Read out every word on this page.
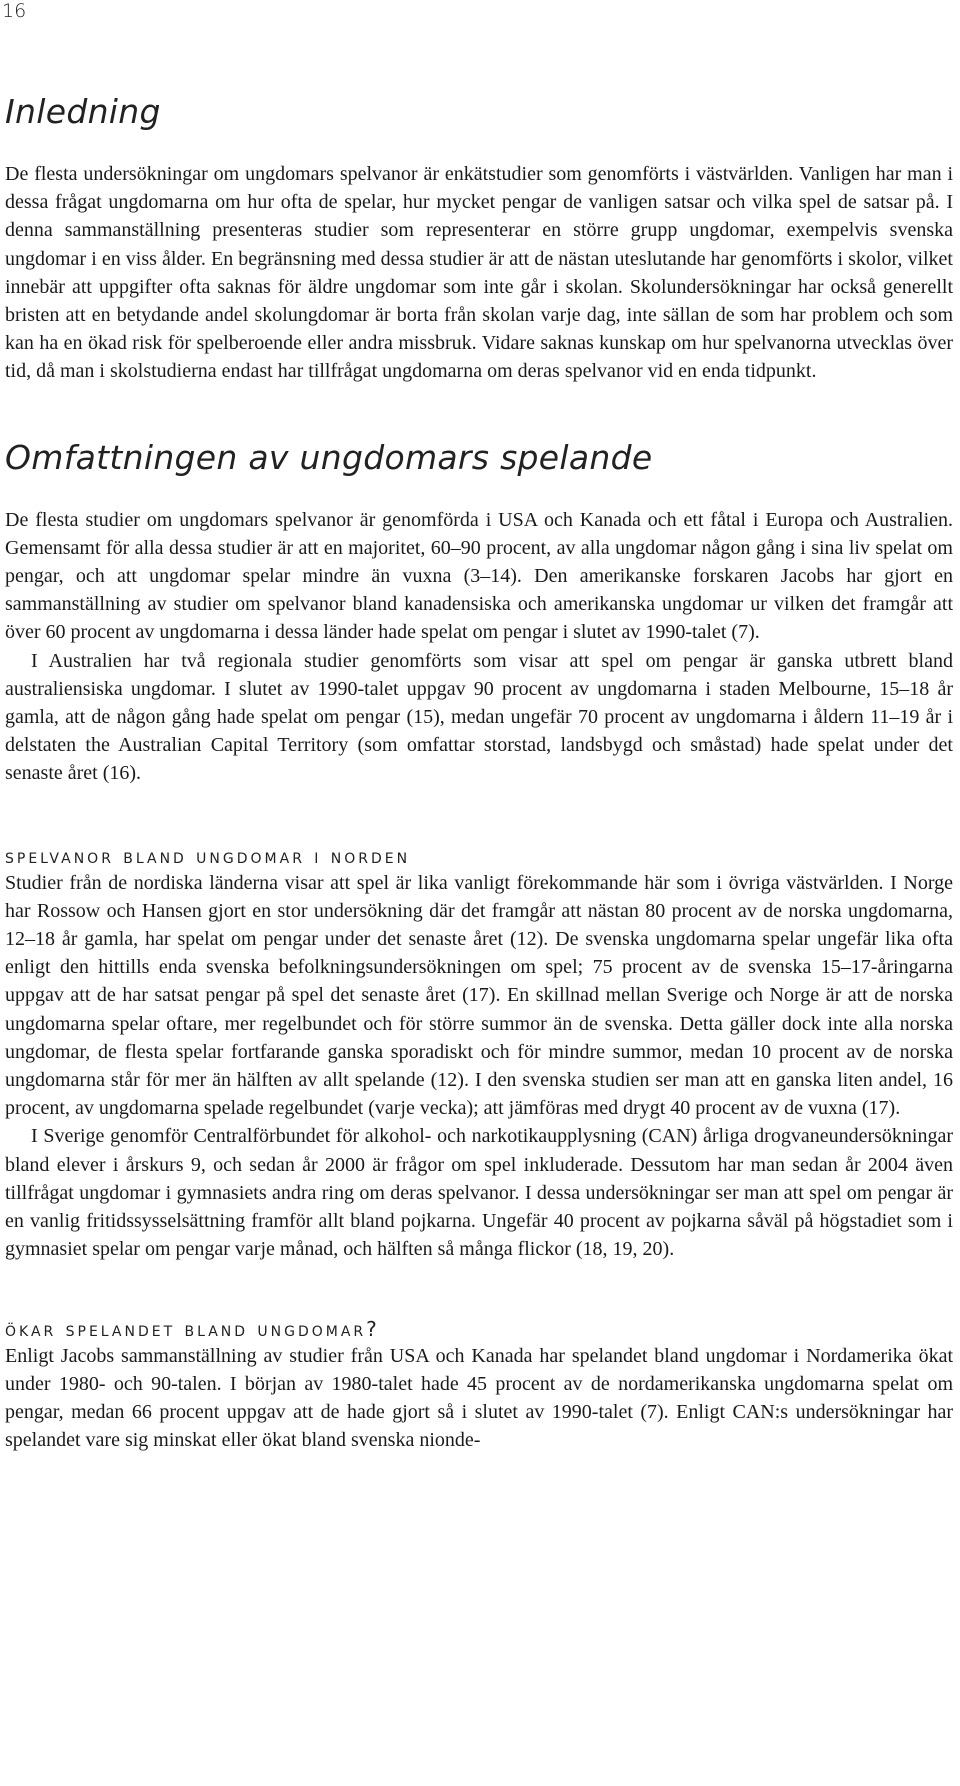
16
Inledning

De flesta undersökningar om ungdomars spelvanor är enkätstudier som genomförts i västvärlden. Vanligen har man i dessa frågat ungdomarna om hur ofta de spelar, hur mycket pengar de vanligen satsar och vilka spel de satsar på. I denna sammanställning presenteras studier som representerar en större grupp ungdomar, exempelvis svenska ungdomar i en viss ålder. En begränsning med dessa studier är att de nästan uteslutande har genomförts i skolor, vilket innebär att uppgifter ofta saknas för äldre ungdomar som inte går i skolan. Skolundersökningar har också generellt bristen att en betydande andel skolungdomar är borta från skolan varje dag, inte sällan de som har problem och som kan ha en ökad risk för spelberoende eller andra missbruk. Vidare saknas kunskap om hur spelvanorna utvecklas över tid, då man i skolstudierna endast har tillfrågat ungdomarna om deras spelvanor vid en enda tidpunkt.

Omfattningen av ungdomars spelande

De flesta studier om ungdomars spelvanor är genomförda i USA och Kanada och ett fåtal i Europa och Australien. Gemensamt för alla dessa studier är att en majoritet, 60–90 procent, av alla ungdomar någon gång i sina liv spelat om pengar, och att ungdomar spelar mindre än vuxna (3–14). Den amerikanske forskaren Jacobs har gjort en sammanställning av studier om spelvanor bland kanadensiska och amerikanska ungdomar ur vilken det framgår att över 60 procent av ungdomarna i dessa länder hade spelat om pengar i slutet av 1990-talet (7).

I Australien har två regionala studier genomförts som visar att spel om pengar är ganska utbrett bland australiensiska ungdomar. I slutet av 1990-talet uppgav 90 procent av ungdomarna i staden Melbourne, 15–18 år gamla, att de någon gång hade spelat om pengar (15), medan ungefär 70 procent av ungdomarna i åldern 11–19 år i delstaten the Australian Capital Territory (som omfattar storstad, landsbygd och småstad) hade spelat under det senaste året (16).

spelvanor bland ungdomar i norden

Studier från de nordiska länderna visar att spel är lika vanligt förekommande här som i övriga västvärlden. I Norge har Rossow och Hansen gjort en stor undersökning där det framgår att nästan 80 procent av de norska ungdomarna, 12–18 år gamla, har spelat om pengar under det senaste året (12). De svenska ungdomarna spelar ungefär lika ofta enligt den hittills enda svenska befolkningsundersökningen om spel; 75 procent av de svenska 15–17-åringarna uppgav att de har satsat pengar på spel det senaste året (17). En skillnad mellan Sverige och Norge är att de norska ungdomarna spelar oftare, mer regelbundet och för större summor än de svenska. Detta gäller dock inte alla norska ungdomar, de flesta spelar fortfarande ganska sporadiskt och för mindre summor, medan 10 procent av de norska ungdomarna står för mer än hälften av allt spelande (12). I den svenska studien ser man att en ganska liten andel, 16 procent, av ungdomarna spelade regelbundet (varje vecka); att jämföras med drygt 40 procent av de vuxna (17).

I Sverige genomför Centralförbundet för alkohol- och narkotikaupplysning (CAN) årliga drogvaneundersökningar bland elever i årskurs 9, och sedan år 2000 är frågor om spel inkluderade. Dessutom har man sedan år 2004 även tillfrågat ungdomar i gymnasiets andra ring om deras spelvanor. I dessa undersökningar ser man att spel om pengar är en vanlig fritidssysselsättning framför allt bland pojkarna. Ungefär 40 procent av pojkarna såväl på högstadiet som i gymnasiet spelar om pengar varje månad, och hälften så många flickor (18, 19, 20).

ökar spelandet bland ungdomar?

Enligt Jacobs sammanställning av studier från USA och Kanada har spelandet bland ungdomar i Nordamerika ökat under 1980- och 90-talen. I början av 1980-talet hade 45 procent av de nordamerikanska ungdomarna spelat om pengar, medan 66 procent uppgav att de hade gjort så i slutet av 1990-talet (7). Enligt CAN:s undersökningar har spelandet vare sig minskat eller ökat bland svenska nionde-
